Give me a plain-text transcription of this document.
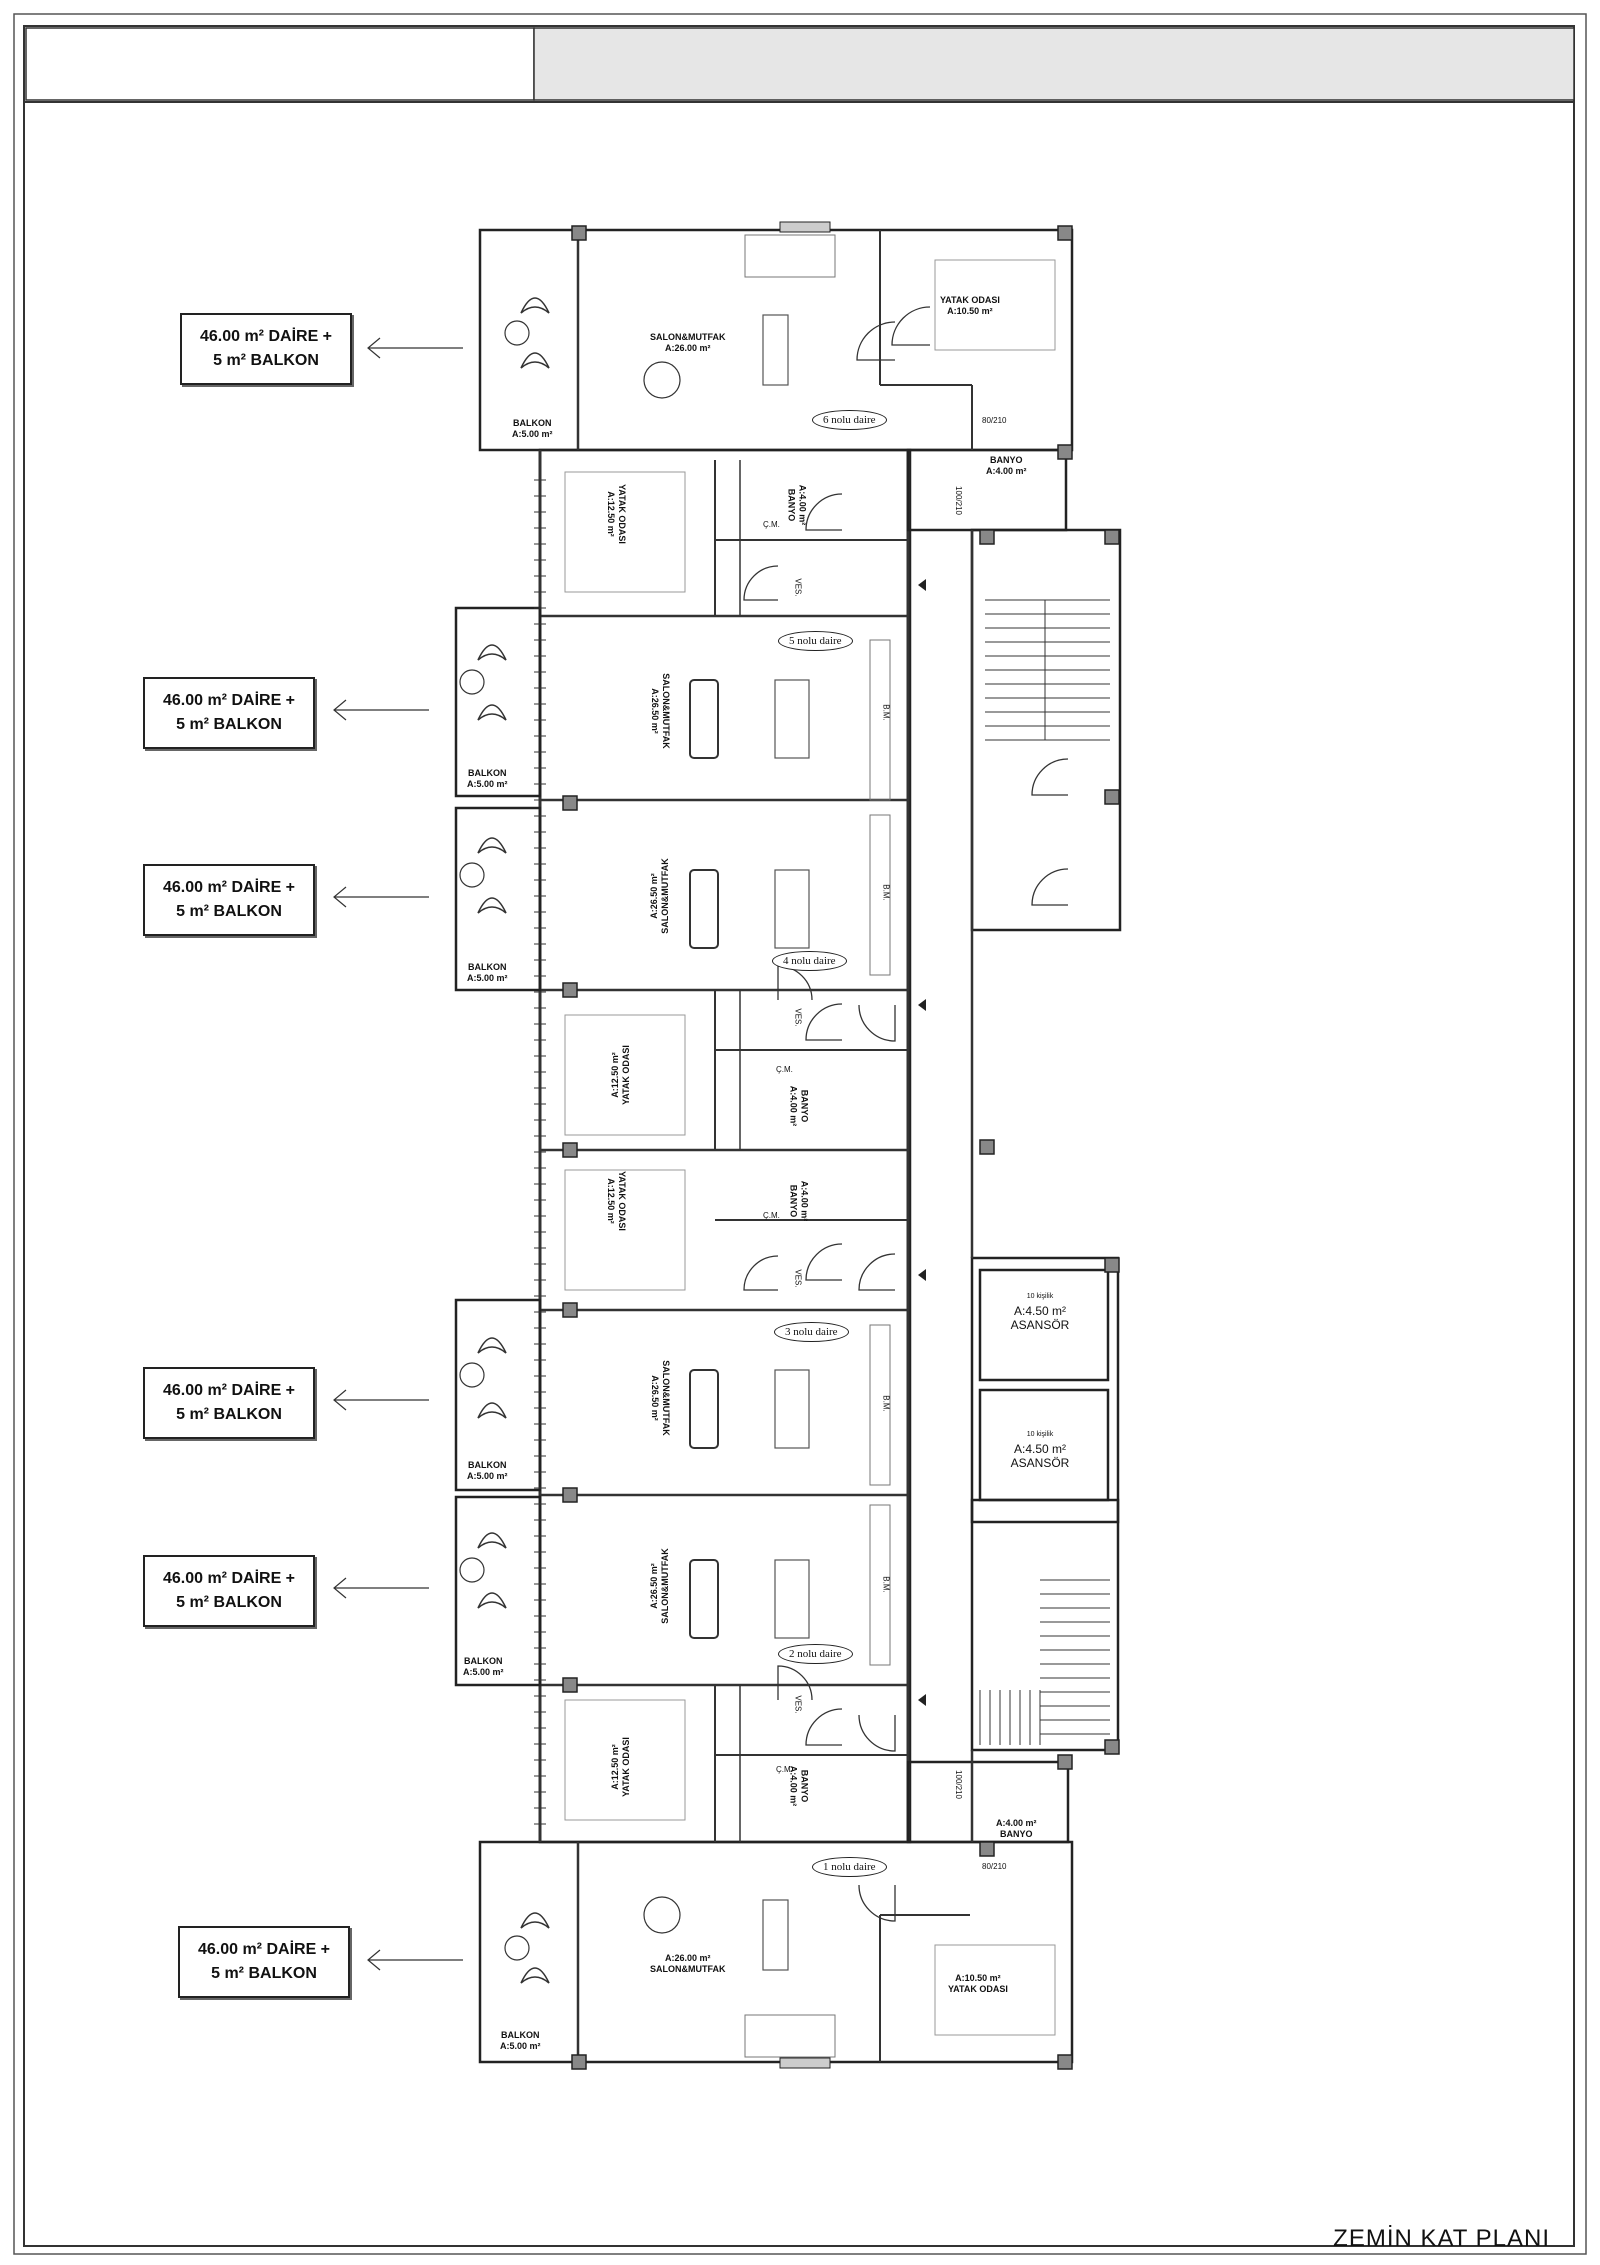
46.00 m² DAİRE +
5 m² BALKON
46.00 m² DAİRE +
5 m² BALKON
46.00 m² DAİRE +
5 m² BALKON
46.00 m² DAİRE +
5 m² BALKON
46.00 m² DAİRE +
5 m² BALKON
46.00 m² DAİRE +
5 m² BALKON
6 nolu daire
5 nolu daire
4 nolu daire
3 nolu daire
2 nolu daire
1 nolu daire
SALON&MUTFAK
A:26.00 m²
YATAK ODASI
A:10.50 m²
BANYO
A:4.00 m²
BALKON
A:5.00 m²
A:26.00 m²
SALON&MUTFAK
A:10.50 m²
YATAK ODASI
A:4.00 m²
BANYO
BALKON
A:5.00 m²
BALKON
A:5.00 m²
BALKON
A:5.00 m²
BALKON
A:5.00 m²
BALKON
A:5.00 m²
SALON&MUTFAK
A:26.50 m²
A:26.50 m² SALON&MUTFAK
SALON&MUTFAK
A:26.50 m²
A:26.50 m² SALON&MUTFAK
YATAK ODASI
A:12.50 m²
A:12.50 m² YATAK ODASI
YATAK ODASI
A:12.50 m²
A:12.50 m² YATAK ODASI
A:4.00 m²
BANYO
BANYO
A:4.00 m²
A:4.00 m²
BANYO
BANYO
A:4.00 m²
VES.
VES.
VES.
VES.
Ç.M.
Ç.M.
Ç.M.
Ç.M.
B.M.
B.M.
B.M.
B.M.
80/210
80/210
100/210
100/210
10 kişilik
A:4.50 m²
ASANSÖR
10 kişilik
A:4.50 m²
ASANSÖR
ZEMİN KAT PLANI
